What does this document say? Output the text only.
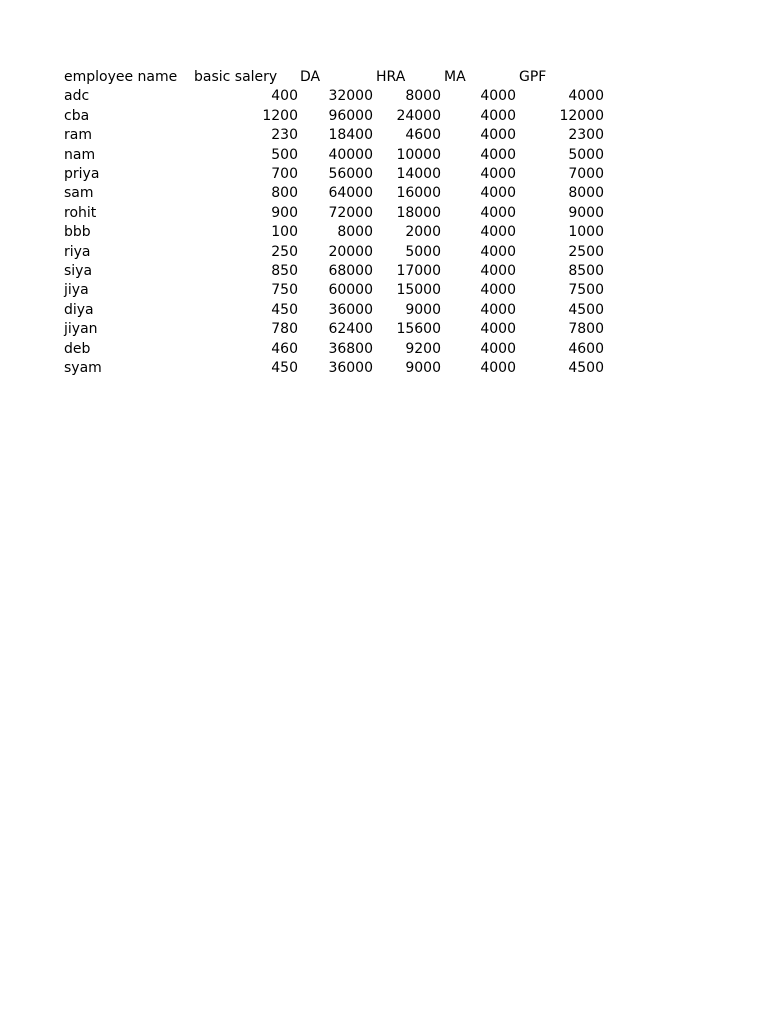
employee name	basic salery	DA	HRA	MA	GPF
adc	400	32000	8000	4000	4000
cba	1200	96000	24000	4000	12000
ram	230	18400	4600	4000	2300
nam	500	40000	10000	4000	5000
priya	700	56000	14000	4000	7000
sam	800	64000	16000	4000	8000
rohit	900	72000	18000	4000	9000
bbb	100	8000	2000	4000	1000
riya	250	20000	5000	4000	2500
siya	850	68000	17000	4000	8500
jiya	750	60000	15000	4000	7500
diya	450	36000	9000	4000	4500
jiyan	780	62400	15600	4000	7800
deb	460	36800	9200	4000	4600
syam	450	36000	9000	4000	4500
